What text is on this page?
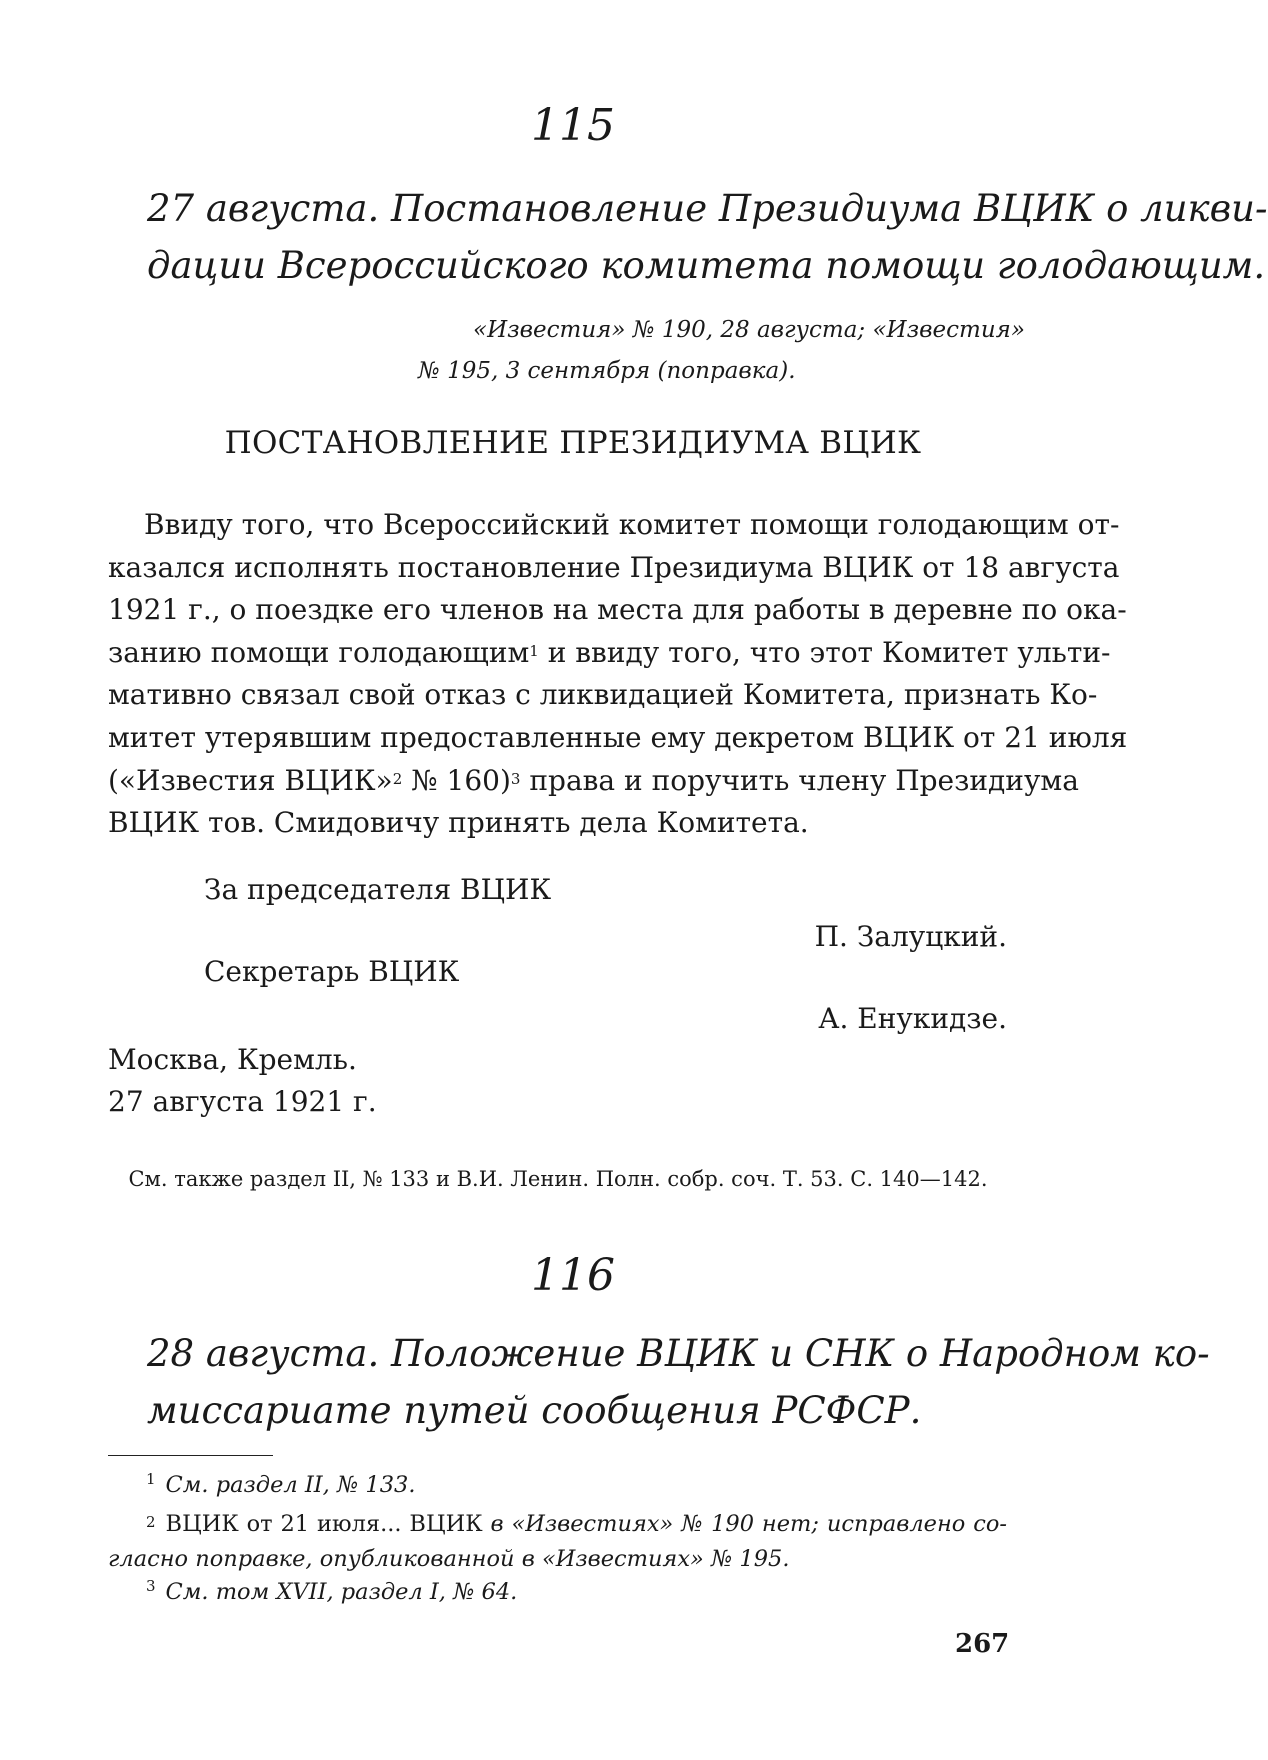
115
27 августа. Постановление Президиума ВЦИК о ликви-
дации Всероссийского комитета помощи голодающим.
«Известия» № 190, 28 августа; «Известия»
№ 195, 3 сентября (поправка).
ПОСТАНОВЛЕНИЕ ПРЕЗИДИУМА ВЦИК
Ввиду того, что Всероссийский комитет помощи голодающим от-
казался исполнять постановление Президиума ВЦИК от 18 августа
1921 г., о поездке его членов на места для работы в деревне по ока-
занию помощи голодающим$^1$ и ввиду того, что этот Комитет ульти-
мативно связал свой отказ с ликвидацией Комитета, признать Ко-
митет утерявшим предоставленные ему декретом ВЦИК от 21 июля
(«Известия ВЦИК»$^2$ № 160)$^3$ права и поручить члену Президиума
ВЦИК тов. Смидовичу принять дела Комитета.
За председателя ВЦИК
П. Залуцкий.
Секретарь ВЦИК
А. Енукидзе.
Москва, Кремль.
27 августа 1921 г.
См. также раздел II, № 133 и В.И. Ленин. Полн. собр. соч. Т. 53. С. 140—142.
116
28 августа. Положение ВЦИК и СНК о Народном ко-
миссариате путей сообщения РСФСР.
$^1$ См. раздел II, № 133.
$^2$ ВЦИК от 21 июля... ВЦИК в «Известиях» № 190 нет; исправлено со-
гласно поправке, опубликованной в «Известиях» № 195.
$^3$ См. том XVII, раздел I, № 64.
267
